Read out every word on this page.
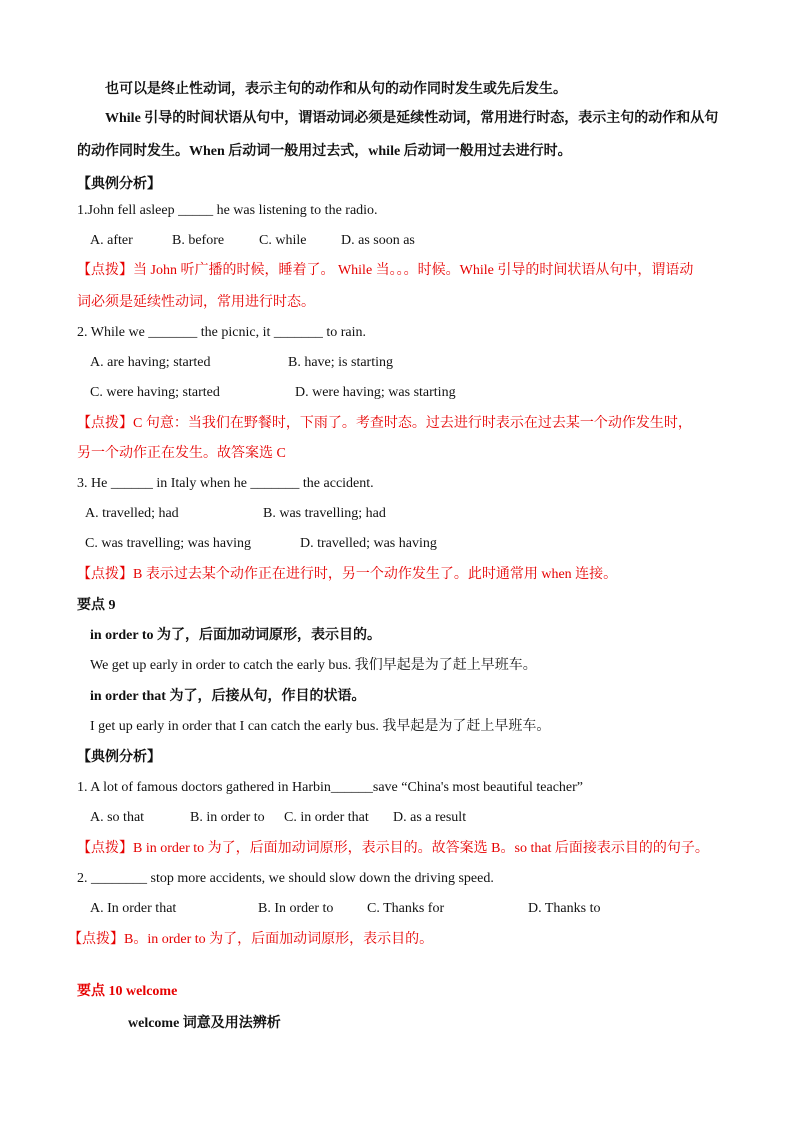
也可以是终止性动词，表示主句的动作和从句的动作同时发生或先后发生。
While 引导的时间状语从句中，谓语动词必须是延续性动词，常用进行时态，表示主句的动作和从句
的动作同时发生。When 后动词一般用过去式，while 后动词一般用过去进行时。
【典例分析】
1.John fell asleep _____ he was listening to the radio.
A. after	B. before C. while D. as soon as
【点拨】当 John 听广播的时候，睡着了。 While 当。。。时候。While 引导的时间状语从句中，谓语动
词必须是延续性动词，常用进行时态。
2. While we _______ the picnic, it _______ to rain.
A. are having; started	B. have; is starting
C. were having; started	D. were having; was starting
【点拨】C 句意：当我们在野餐时，下雨了。考查时态。过去进行时表示在过去某一个动作发生时，
另一个动作正在发生。故答案选 C
3. He ______ in Italy when he _______ the accident.
A. travelled; had	B. was travelling; had
C. was travelling; was having	D. travelled; was having
【点拨】B 表示过去某个动作正在进行时，另一个动作发生了。此时通常用 when 连接。
要点 9
in order to 为了，后面加动词原形，表示目的。
We get up early in order to catch the early bus. 我们早起是为了赶上早班车。
in order that 为了，后接从句，作目的状语。
I get up early in order that I can catch the early bus. 我早起是为了赶上早班车。
【典例分析】
1. A lot of famous doctors gathered in Harbin______save “China's most beautiful teacher”
A. so that	B. in order to C. in order that D. as a result
【点拨】B in order to 为了，后面加动词原形，表示目的。故答案选 B。so that 后面接表示目的的句子。
2. ________ stop more accidents, we should slow down the driving speed.
A. In order that	B. In order to C. Thanks for	D. Thanks to
【点拨】B。in order to 为了，后面加动词原形，表示目的。
要点 10 welcome
welcome 词意及用法辨析
